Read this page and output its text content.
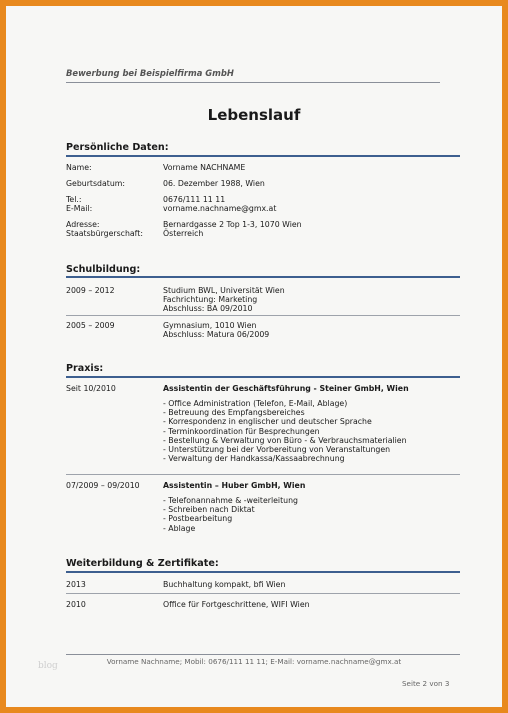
Bewerbung bei Beispielfirma GmbH
Lebenslauf
Persönliche Daten:
Name:	Vorname NACHNAME
Geburtsdatum:	06. Dezember 1988, Wien
Tel.:	0676/111 11 11
E-Mail:	vorname.nachname@gmx.at
Adresse:	Bernardgasse 2 Top 1-3, 1070 Wien
Staatsbürgerschaft:	Österreich
Schulbildung:
2009 – 2012	Studium BWL, Universität Wien
Fachrichtung: Marketing
Abschluss: BA 09/2010
2005 – 2009	Gymnasium, 1010 Wien
Abschluss: Matura 06/2009
Praxis:
Seit 10/2010	Assistentin der Geschäftsführung - Steiner GmbH, Wien
- Office Administration (Telefon, E-Mail, Ablage)
- Betreuung des Empfangsbereiches
- Korrespondenz in englischer und deutscher Sprache
- Terminkoordination für Besprechungen
- Bestellung & Verwaltung von Büro - & Verbrauchsmaterialien
- Unterstützung bei der Vorbereitung von Veranstaltungen
- Verwaltung der Handkassa/Kassaabrechnung
07/2009 – 09/2010	Assistentin – Huber GmbH, Wien
- Telefonannahme & -weiterleitung
- Schreiben nach Diktat
- Postbearbeitung
- Ablage
Weiterbildung & Zertifikate:
2013	Buchhaltung kompakt, bfi Wien
2010	Office für Fortgeschrittene, WIFI Wien
Vorname Nachname; Mobil: 0676/111 11 11; E-Mail: vorname.nachname@gmx.at
Seite 2 von 3
blog
